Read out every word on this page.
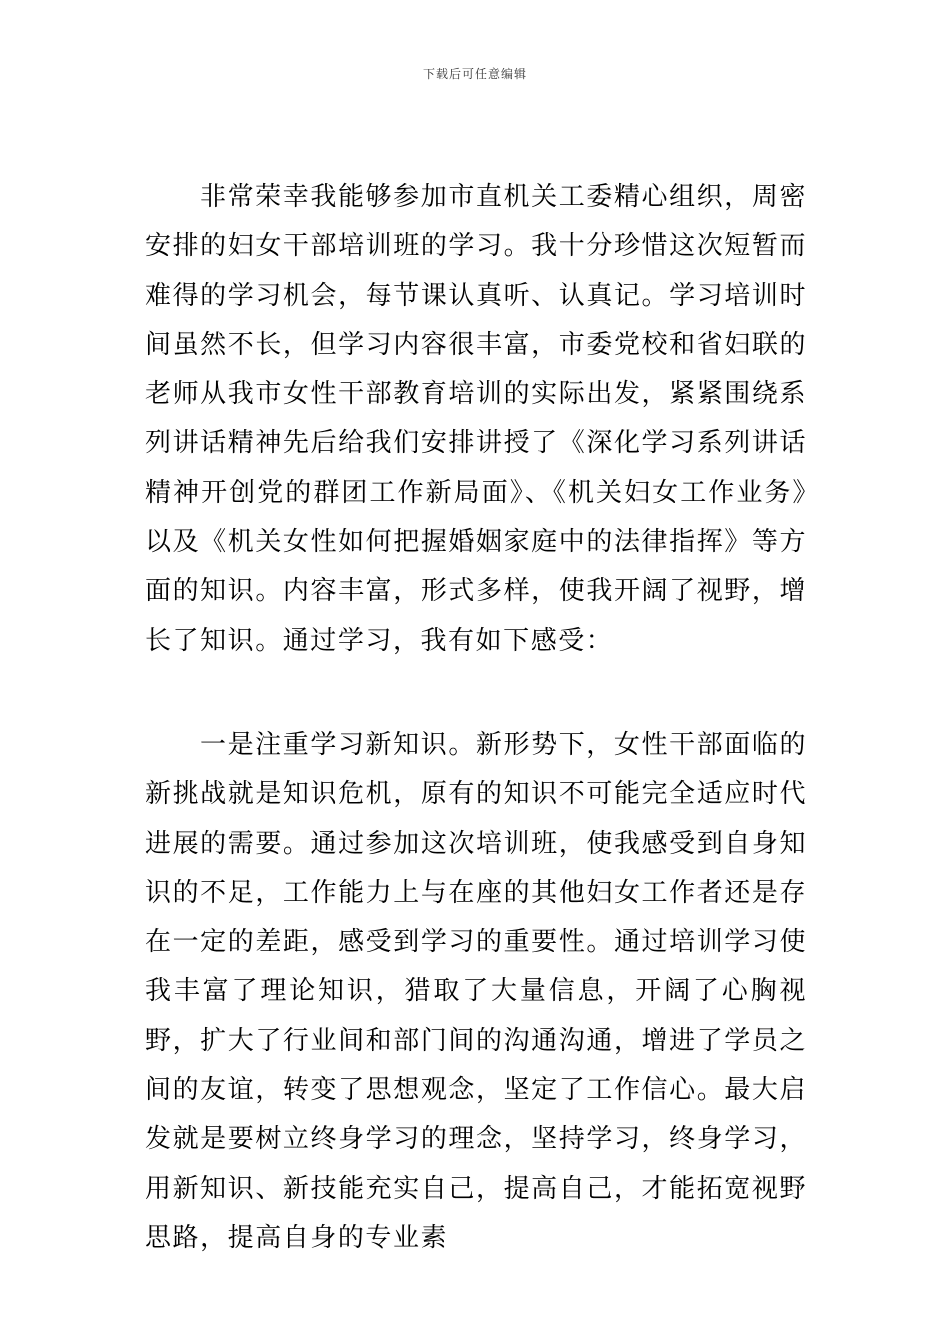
下载后可任意编辑

非常荣幸我能够参加市直机关工委精心组织，周密安排的妇女干部培训班的学习。我十分珍惜这次短暂而难得的学习机会，每节课认真听、认真记。学习培训时间虽然不长，但学习内容很丰富，市委党校和省妇联的老师从我市女性干部教育培训的实际出发，紧紧围绕系列讲话精神先后给我们安排讲授了《深化学习系列讲话精神开创党的群团工作新局面》、《机关妇女工作业务》以及《机关女性如何把握婚姻家庭中的法律指挥》等方面的知识。内容丰富，形式多样，使我开阔了视野，增长了知识。通过学习，我有如下感受：

一是注重学习新知识。新形势下，女性干部面临的新挑战就是知识危机，原有的知识不可能完全适应时代进展的需要。通过参加这次培训班，使我感受到自身知识的不足，工作能力上与在座的其他妇女工作者还是存在一定的差距，感受到学习的重要性。通过培训学习使我丰富了理论知识，猎取了大量信息，开阔了心胸视野，扩大了行业间和部门间的沟通沟通，增进了学员之间的友谊，转变了思想观念，坚定了工作信心。最大启发就是要树立终身学习的理念，坚持学习，终身学习，用新知识、新技能充实自己，提高自己，才能拓宽视野思路，提高自身的专业素
